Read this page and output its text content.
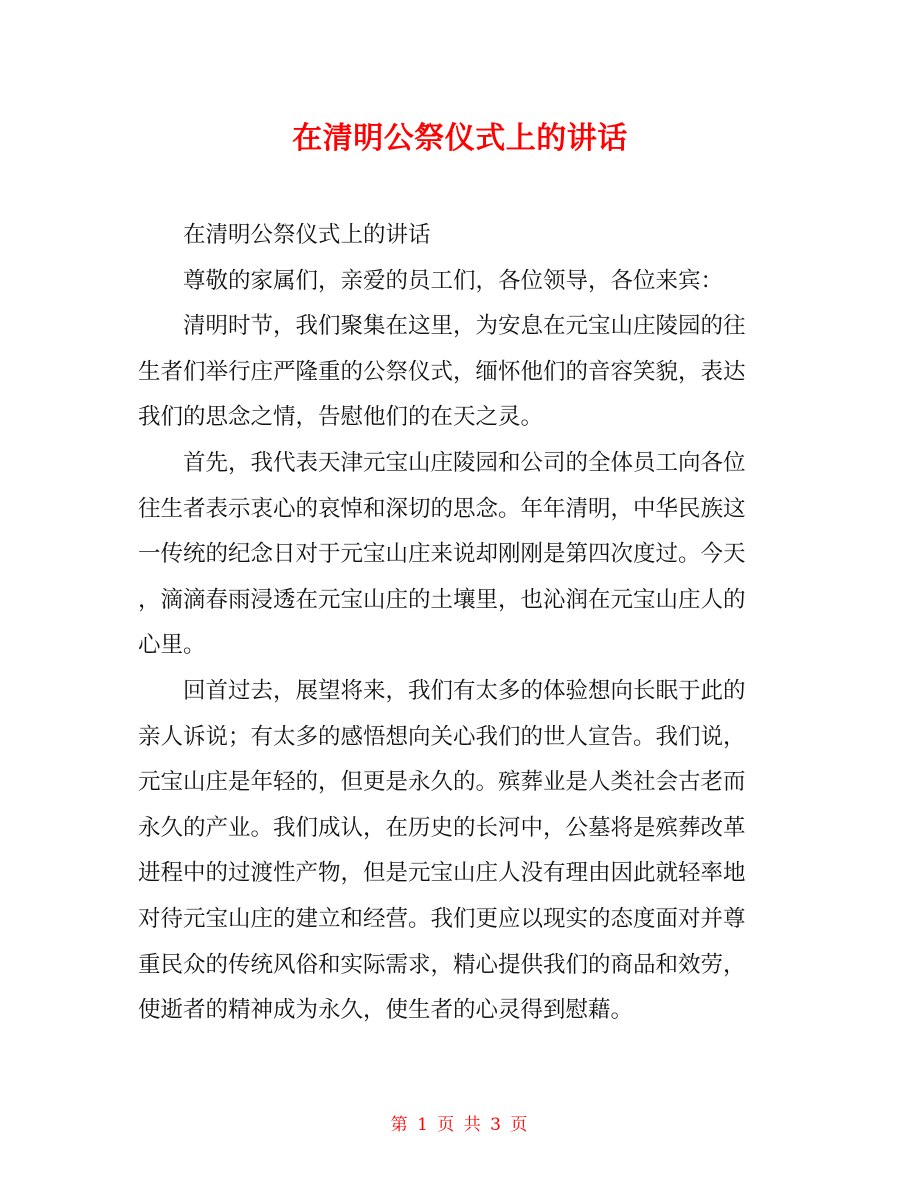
在清明公祭仪式上的讲话

在清明公祭仪式上的讲话

尊敬的家属们，亲爱的员工们，各位领导，各位来宾：

清明时节，我们聚集在这里，为安息在元宝山庄陵园的往
生者们举行庄严隆重的公祭仪式，缅怀他们的音容笑貌，表达
我们的思念之情，告慰他们的在天之灵。

首先，我代表天津元宝山庄陵园和公司的全体员工向各位
往生者表示衷心的哀悼和深切的思念。年年清明，中华民族这
一传统的纪念日对于元宝山庄来说却刚刚是第四次度过。今天
，滴滴春雨浸透在元宝山庄的土壤里，也沁润在元宝山庄人的
心里。

回首过去，展望将来，我们有太多的体验想向长眠于此的
亲人诉说；有太多的感悟想向关心我们的世人宣告。我们说，
元宝山庄是年轻的，但更是永久的。殡葬业是人类社会古老而
永久的产业。我们成认，在历史的长河中，公墓将是殡葬改革
进程中的过渡性产物，但是元宝山庄人没有理由因此就轻率地
对待元宝山庄的建立和经营。我们更应以现实的态度面对并尊
重民众的传统风俗和实际需求，精心提供我们的商品和效劳，
使逝者的精神成为永久，使生者的心灵得到慰藉。

第 1 页 共 3 页
